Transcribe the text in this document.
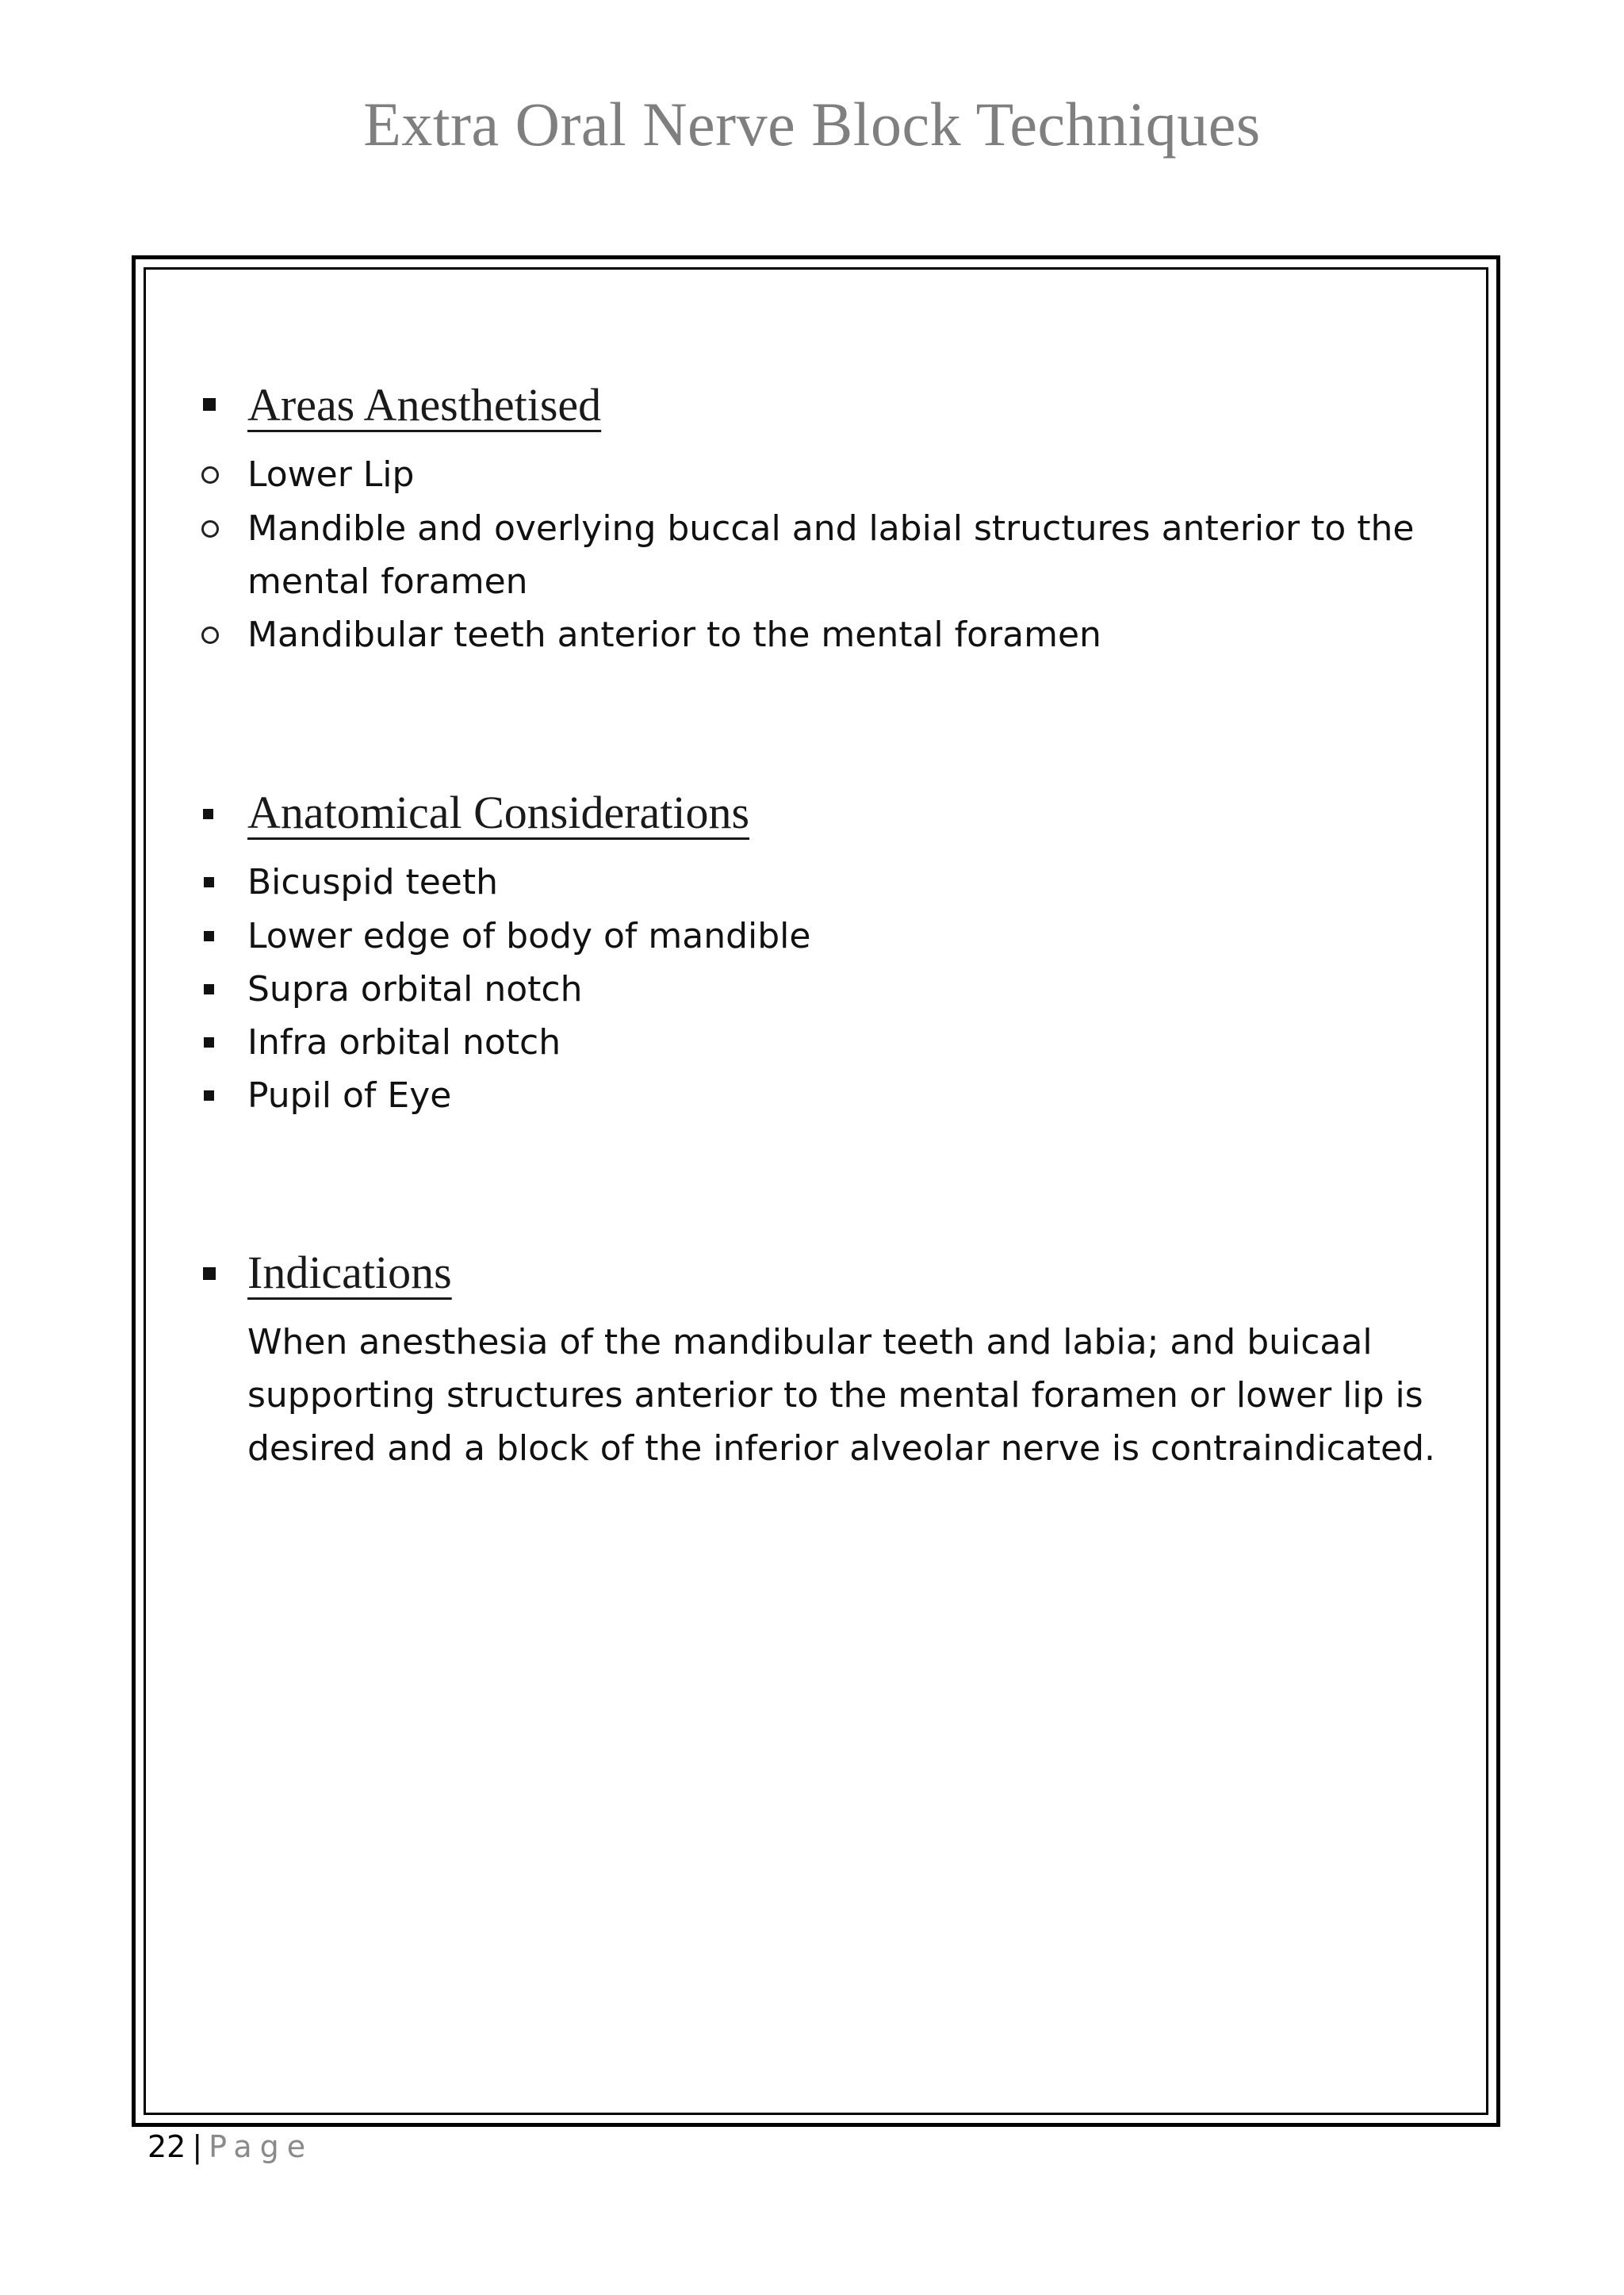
Extra Oral Nerve Block Techniques
Areas Anesthetised
Lower Lip
Mandible and overlying buccal and labial structures anterior to the
mental foramen
Mandibular teeth anterior to the mental foramen
Anatomical Considerations
Bicuspid teeth
Lower edge of body of mandible
Supra orbital notch
Infra orbital notch
Pupil of Eye
Indications
When anesthesia of the mandibular teeth and labia; and buicaal
supporting structures anterior to the mental foramen or lower lip is
desired and a block of the inferior alveolar nerve is contraindicated.
22 | Page
